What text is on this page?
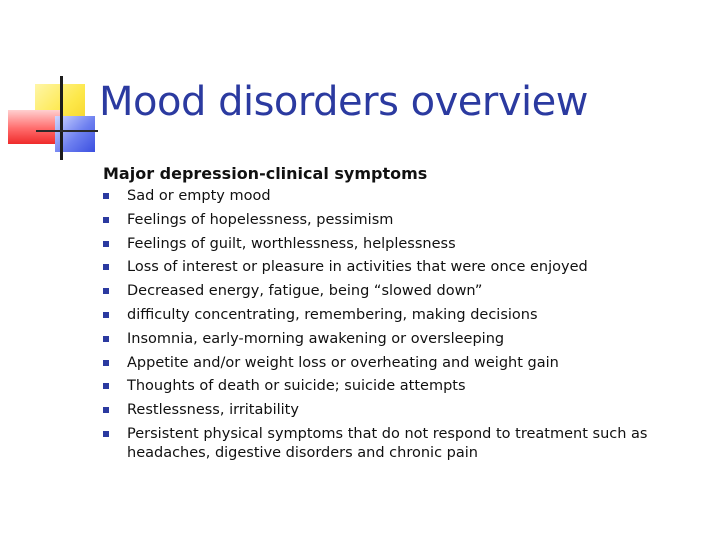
Mood disorders overview
Major depression-clinical symptoms
Sad or empty mood
Feelings of hopelessness, pessimism
Feelings of guilt, worthlessness, helplessness
Loss of interest or pleasure in activities that were once enjoyed
Decreased energy, fatigue, being “slowed down”
difficulty concentrating, remembering, making decisions
Insomnia, early-morning awakening or oversleeping
Appetite and/or weight loss or overheating and weight gain
Thoughts of death or suicide; suicide attempts
Restlessness, irritability
Persistent physical symptoms that do not respond to treatment such as headaches, digestive disorders and chronic pain
